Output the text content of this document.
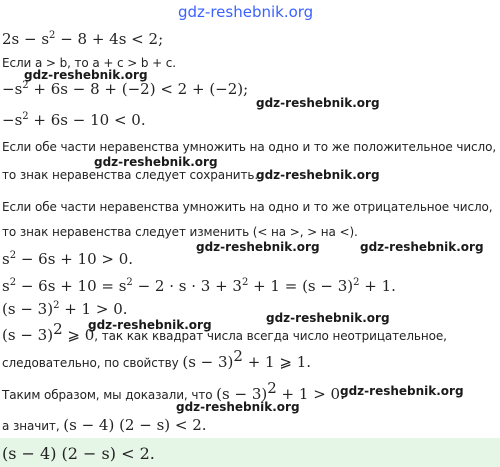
gdz-reshebnik.org
$2s - s^2 - 8 + 4s < 2$;
Если a > b, то a + c > b + c.
gdz-reshebnik.org
$-s^2 + 6s - 8 + (-2) < 2 + (-2)$;
gdz-reshebnik.org
$-s^2 + 6s - 10 < 0$.
Если обе части неравенства умножить на одно и то же положительное число,
gdz-reshebnik.org
то знак неравенства следует сохранить.
gdz-reshebnik.org
Если обе части неравенства умножить на одно и то же отрицательное число,
то знак неравенства следует изменить (< на >, > на <).
gdz-reshebnik.org	gdz-reshebnik.org
$s^2 - 6s + 10 > 0$.
$s^2 - 6s + 10 = s^2 - 2 \cdot s \cdot 3 + 3^2 + 1 = (s - 3)^2 + 1$.
$(s - 3)^2 + 1 > 0$.	gdz-reshebnik.org
gdz-reshebnik.org
$(s - 3)^2$ ⩾ 0, так как квадрат числа всегда число неотрицательное,
следовательно, по свойству $(s - 3)^2 + 1$ ⩾ 1.
Таким образом, мы доказали, что $(s - 3)^2 + 1 > 0$.
gdz-reshebnik.org
gdz-reshebnik.org
а значит, (s − 4) (2 − s) < 2.
(s − 4) (2 − s) < 2.
